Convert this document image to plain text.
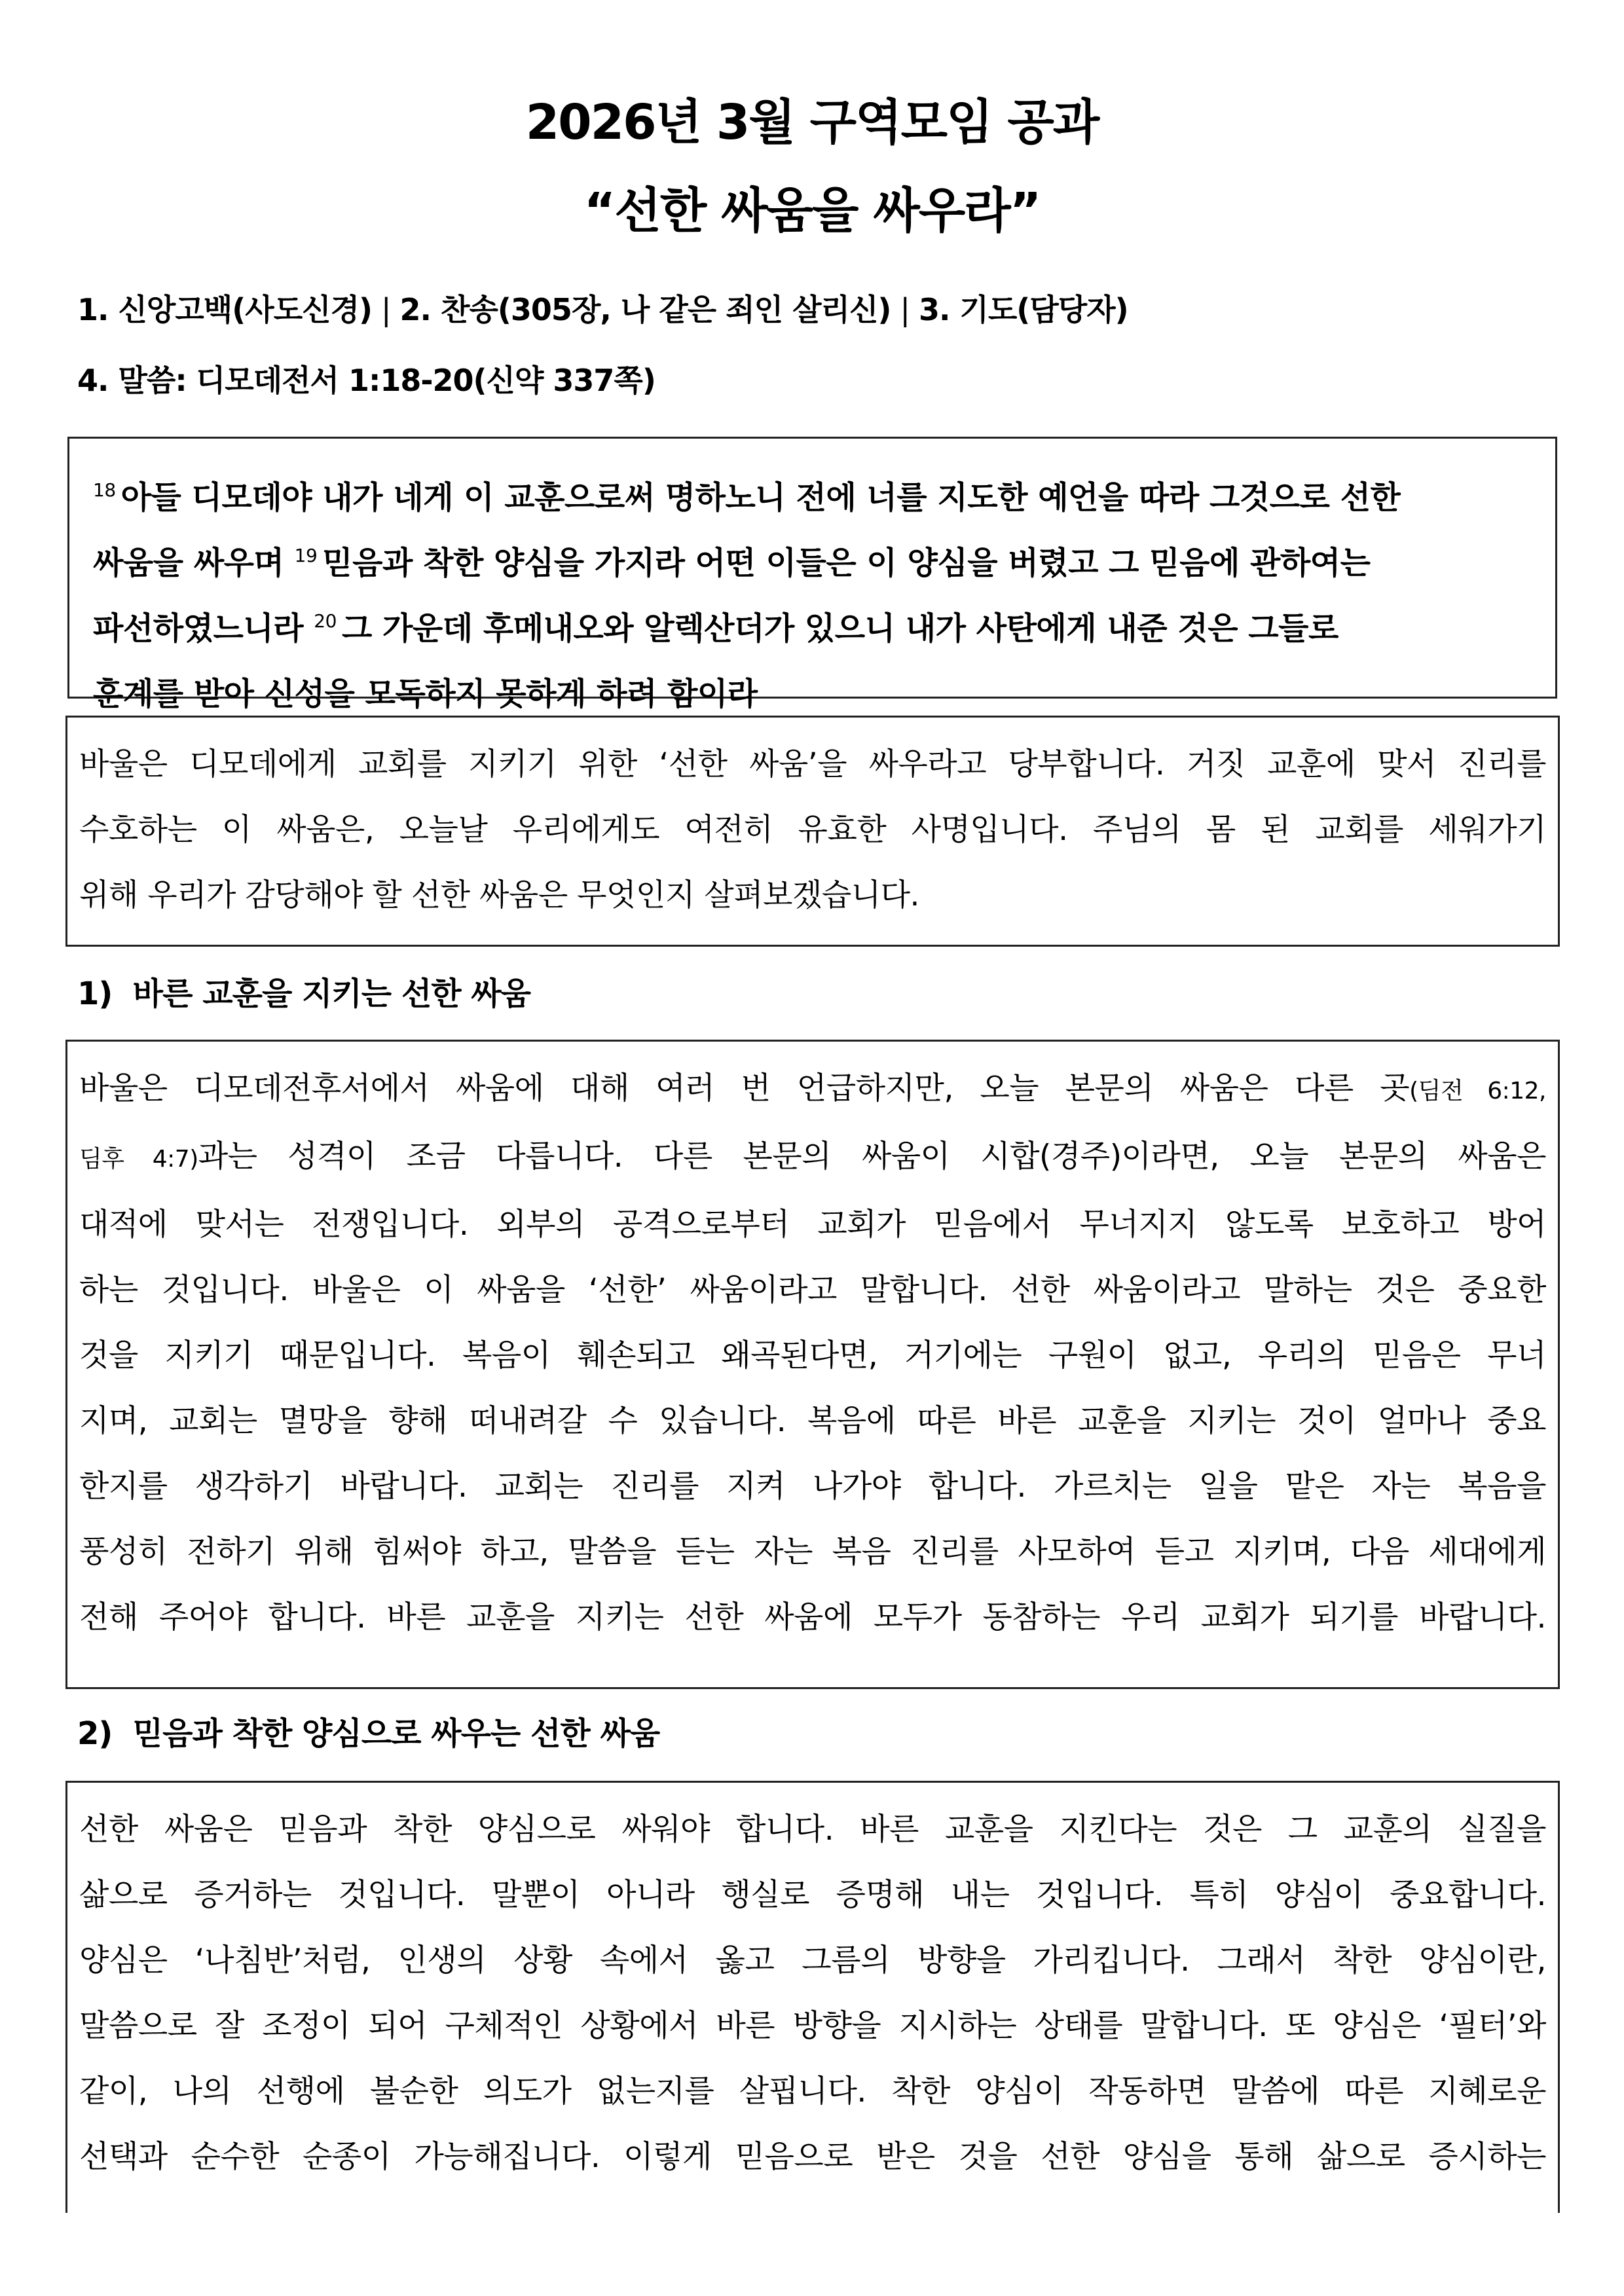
2026년 3월 구역모임 공과
“선한 싸움을 싸우라”
1. 신앙고백(사도신경) | 2. 찬송(305장, 나 같은 죄인 살리신) | 3. 기도(담당자)
4. 말씀: 디모데전서 1:18-20(신약 337쪽)
$^{18}$ 아들 디모데야 내가 네게 이 교훈으로써 명하노니 전에 너를 지도한 예언을 따라 그것으로 선한
싸움을 싸우며 $^{19}$ 믿음과 착한 양심을 가지라 어떤 이들은 이 양심을 버렸고 그 믿음에 관하여는
파선하였느니라 $^{20}$ 그 가운데 후메내오와 알렉산더가 있으니 내가 사탄에게 내준 것은 그들로
훈계를 받아 신성을 모독하지 못하게 하려 함이라
바울은 디모데에게 교회를 지키기 위한 ‘선한 싸움’을 싸우라고 당부합니다. 거짓 교훈에 맞서 진리를
수호하는 이 싸움은, 오늘날 우리에게도 여전히 유효한 사명입니다. 주님의 몸 된 교회를 세워가기
위해 우리가 감당해야 할 선한 싸움은 무엇인지 살펴보겠습니다.
1)  바른 교훈을 지키는 선한 싸움
바울은 디모데전후서에서 싸움에 대해 여러 번 언급하지만, 오늘 본문의 싸움은 다른 곳(딤전 6:12,
딤후 4:7)과는 성격이 조금 다릅니다. 다른 본문의 싸움이 시합(경주)이라면, 오늘 본문의 싸움은
대적에 맞서는 전쟁입니다. 외부의 공격으로부터 교회가 믿음에서 무너지지 않도록 보호하고 방어
하는 것입니다. 바울은 이 싸움을 ‘선한’ 싸움이라고 말합니다. 선한 싸움이라고 말하는 것은 중요한
것을 지키기 때문입니다. 복음이 훼손되고 왜곡된다면, 거기에는 구원이 없고, 우리의 믿음은 무너
지며, 교회는 멸망을 향해 떠내려갈 수 있습니다. 복음에 따른 바른 교훈을 지키는 것이 얼마나 중요
한지를 생각하기 바랍니다. 교회는 진리를 지켜 나가야 합니다. 가르치는 일을 맡은 자는 복음을
풍성히 전하기 위해 힘써야 하고, 말씀을 듣는 자는 복음 진리를 사모하여 듣고 지키며, 다음 세대에게
전해 주어야 합니다. 바른 교훈을 지키는 선한 싸움에 모두가 동참하는 우리 교회가 되기를 바랍니다.
2)  믿음과 착한 양심으로 싸우는 선한 싸움
선한 싸움은 믿음과 착한 양심으로 싸워야 합니다. 바른 교훈을 지킨다는 것은 그 교훈의 실질을
삶으로 증거하는 것입니다. 말뿐이 아니라 행실로 증명해 내는 것입니다. 특히 양심이 중요합니다.
양심은 ‘나침반’처럼, 인생의 상황 속에서 옳고 그름의 방향을 가리킵니다. 그래서 착한 양심이란,
말씀으로 잘 조정이 되어 구체적인 상황에서 바른 방향을 지시하는 상태를 말합니다. 또 양심은 ‘필터’와
같이, 나의 선행에 불순한 의도가 없는지를 살핍니다. 착한 양심이 작동하면 말씀에 따른 지혜로운
선택과 순수한 순종이 가능해집니다. 이렇게 믿음으로 받은 것을 선한 양심을 통해 삶으로 증시하는
